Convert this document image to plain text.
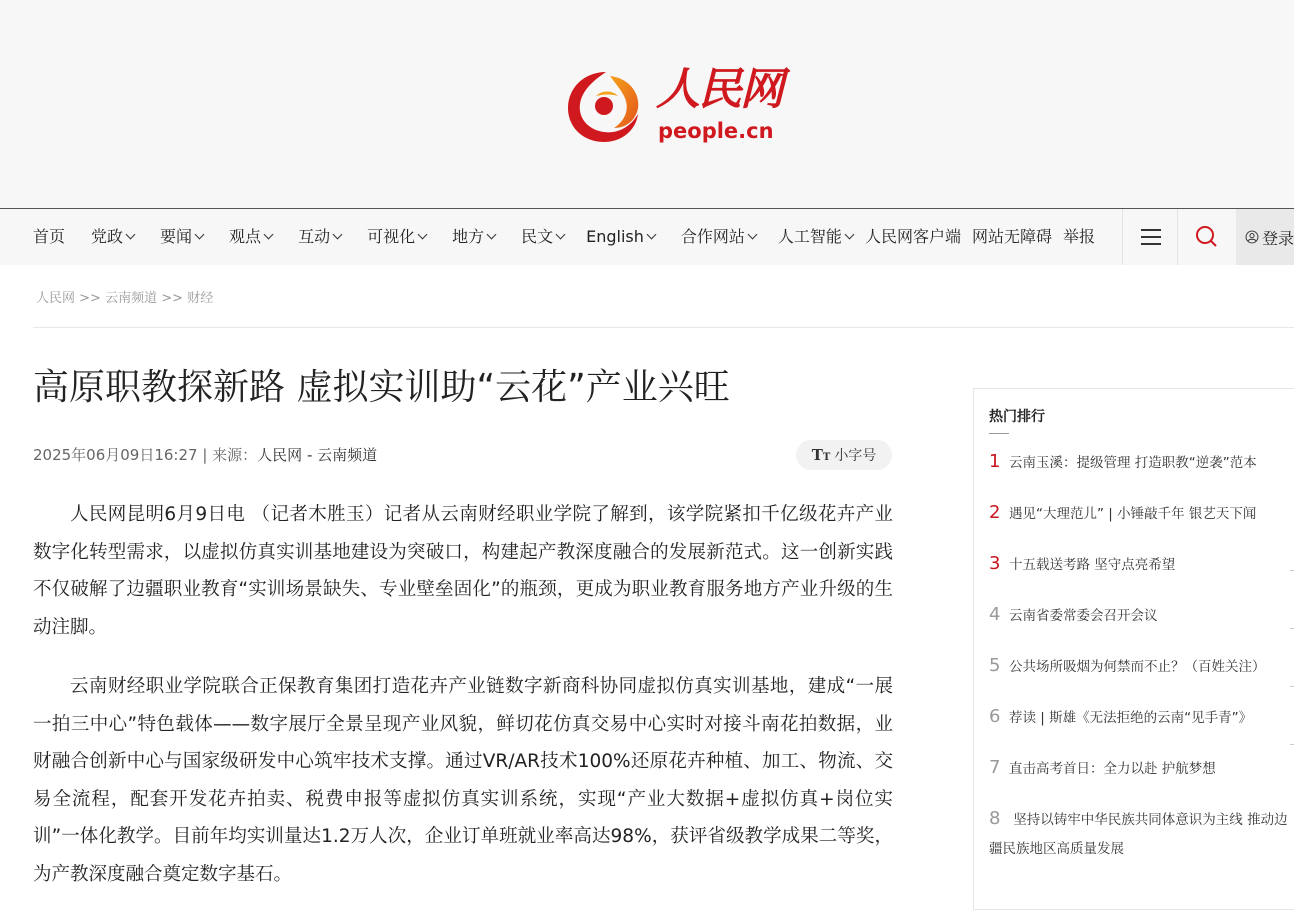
人民网
people.cn
首页 党政 要闻 观点 互动 可视化 地方 民文 English 合作网站 人工智能 人民网客户端 网站无障碍 举报	登录
人民网 >> 云南频道 >> 财经
高原职教探新路 虚拟实训助“云花”产业兴旺
2025年06月09日16:27 | 来源：人民网 - 云南频道	TT 小字号

人民网昆明6月9日电 （记者木胜玉）记者从云南财经职业学院了解到，该学院紧扣千亿级花卉产业数字化转型需求，以虚拟仿真实训基地建设为突破口，构建起产教深度融合的发展新范式。这一创新实践不仅破解了边疆职业教育“实训场景缺失、专业壁垒固化”的瓶颈，更成为职业教育服务地方产业升级的生动注脚。

云南财经职业学院联合正保教育集团打造花卉产业链数字新商科协同虚拟仿真实训基地，建成“一展一拍三中心”特色载体——数字展厅全景呈现产业风貌，鲜切花仿真交易中心实时对接斗南花拍数据，业财融合创新中心与国家级研发中心筑牢技术支撑。通过VR/AR技术100%还原花卉种植、加工、物流、交易全流程，配套开发花卉拍卖、税费申报等虚拟仿真实训系统，实现“产业大数据+虚拟仿真+岗位实训”一体化教学。目前年均实训量达1.2万人次，企业订单班就业率高达98%，获评省级教学成果二等奖，为产教深度融合奠定数字基石。

热门排行
1 云南玉溪：提级管理 打造职教“逆袭”范本
2 遇见“大理范儿” | 小锤敲千年 银艺天下闻
3 十五载送考路 坚守点亮希望
4 云南省委常委会召开会议
5 公共场所吸烟为何禁而不止？（百姓关注）
6 荐读 | 斯雄《无法拒绝的云南“见手青”》
7 直击高考首日：全力以赴 护航梦想
8 坚持以铸牢中华民族共同体意识为主线 推动边疆民族地区高质量发展
